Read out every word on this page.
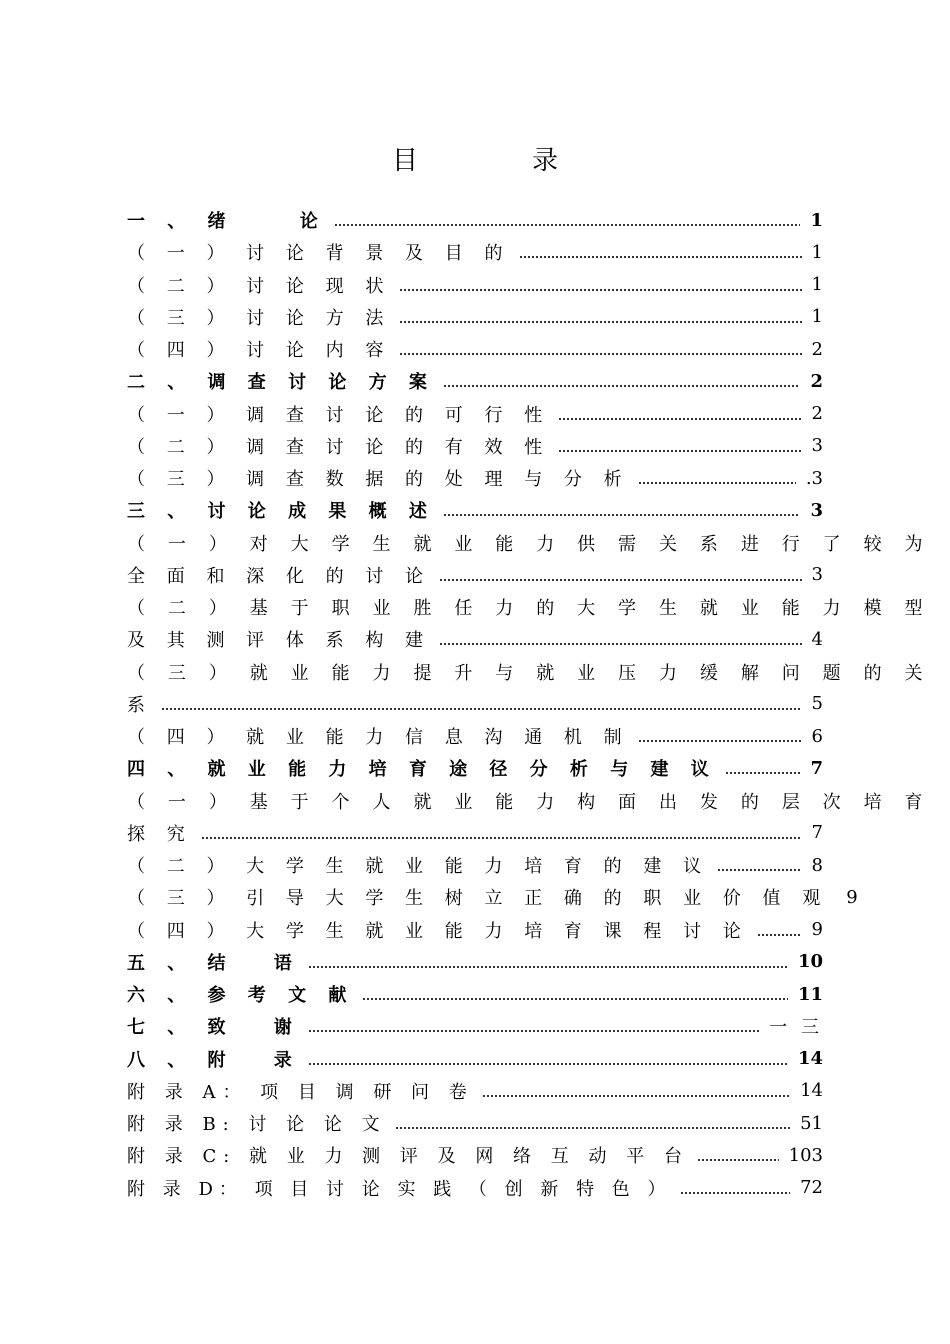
目　录
一 、 绪　　 论	1
（ 一 ） 讨 论 背 景 及 目 的	1
（ 二 ） 讨 论 现 状	1
（ 三 ） 讨 论 方 法	1
（ 四 ） 讨 论 内 容	2
二 、 调 查 讨 论 方 案	2
（ 一 ） 调 查 讨 论 的 可 行 性	2
（ 二 ） 调 查 讨 论 的 有 效 性	3
（ 三 ） 调 查 数 据 的 处 理 与 分 析	.3
三 、 讨 论 成 果 概 述	3
（ 一 ） 对 大 学 生 就 业 能 力 供 需 关 系 进 行 了 较 为
全 面 和 深 化 的 讨 论	3
（ 二 ） 基 于 职 业 胜 任 力 的 大 学 生 就 业 能 力 模 型
及 其 测 评 体 系 构 建	4
（ 三 ） 就 业 能 力 提 升 与 就 业 压 力 缓 解 问 题 的 关
系	5
（ 四 ） 就 业 能 力 信 息 沟 通 机 制	6
四 、 就 业 能 力 培 育 途 径 分 析 与 建 议	7
（ 一 ） 基 于 个 人 就 业 能 力 构 面 出 发 的 层 次 培 育
探 究	7
（ 二 ） 大 学 生 就 业 能 力 培 育 的 建 议	8
（ 三 ） 引 导 大 学 生 树 立 正 确 的 职 业 价 值 观 9
（ 四 ） 大 学 生 就 业 能 力 培 育 课 程 讨 论	9
五 、 结　 语	10
六 、 参 考 文 献	11
七 、 致　 谢	一 三
八 、 附　 录	14
附 录 A： 项 目 调 研 问 卷	14
附 录 B: 讨 论 论 文	51
附 录 C: 就 业 力 测 评 及 网 络 互 动 平 台	103
附 录 D： 项 目 讨 论 实 践 （ 创 新 特 色 ）	72
